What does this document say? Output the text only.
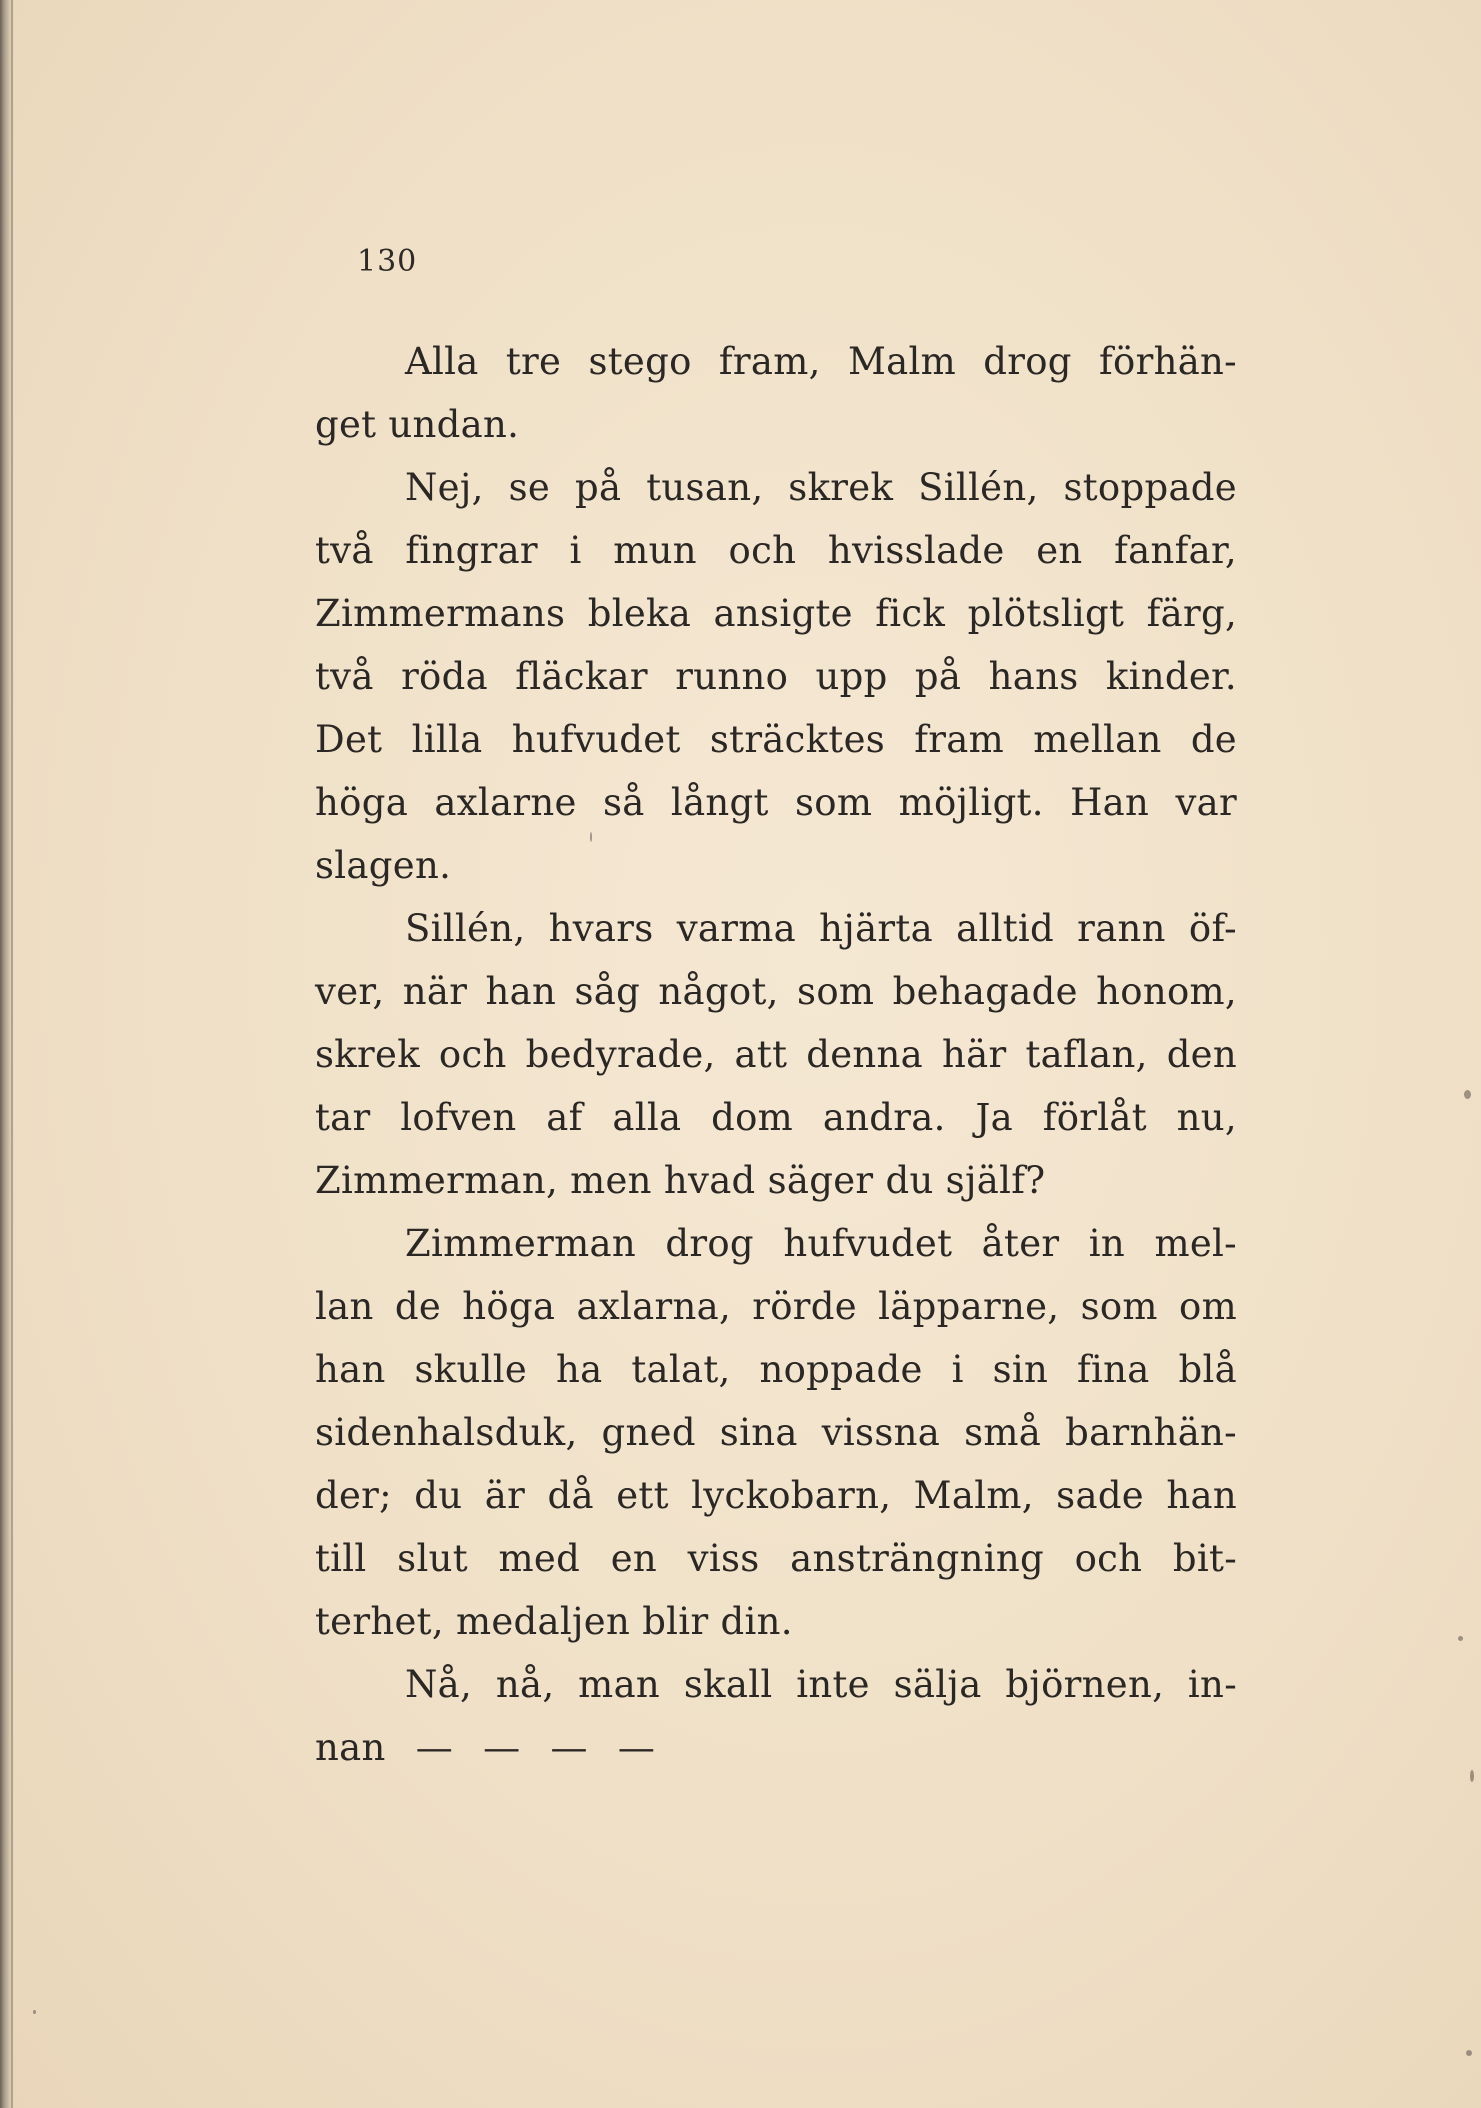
130
Alla tre stego fram, Malm drog förhän-
get undan.
Nej, se på tusan, skrek Sillén, stoppade
två fingrar i mun och hvisslade en fanfar,
Zimmermans bleka ansigte fick plötsligt färg,
två röda fläckar runno upp på hans kinder.
Det lilla hufvudet sträcktes fram mellan de
höga axlarne så långt som möjligt. Han var
slagen.
Sillén, hvars varma hjärta alltid rann öf-
ver, när han såg något, som behagade honom,
skrek och bedyrade, att denna här taflan, den
tar lofven af alla dom andra. Ja förlåt nu,
Zimmerman, men hvad säger du själf?
Zimmerman drog hufvudet åter in mel-
lan de höga axlarna, rörde läpparne, som om
han skulle ha talat, noppade i sin fina blå
sidenhalsduk, gned sina vissna små barnhän-
der; du är då ett lyckobarn, Malm, sade han
till slut med en viss ansträngning och bit-
terhet, medaljen blir din.
Nå, nå, man skall inte sälja björnen, in-
nan — — — —
